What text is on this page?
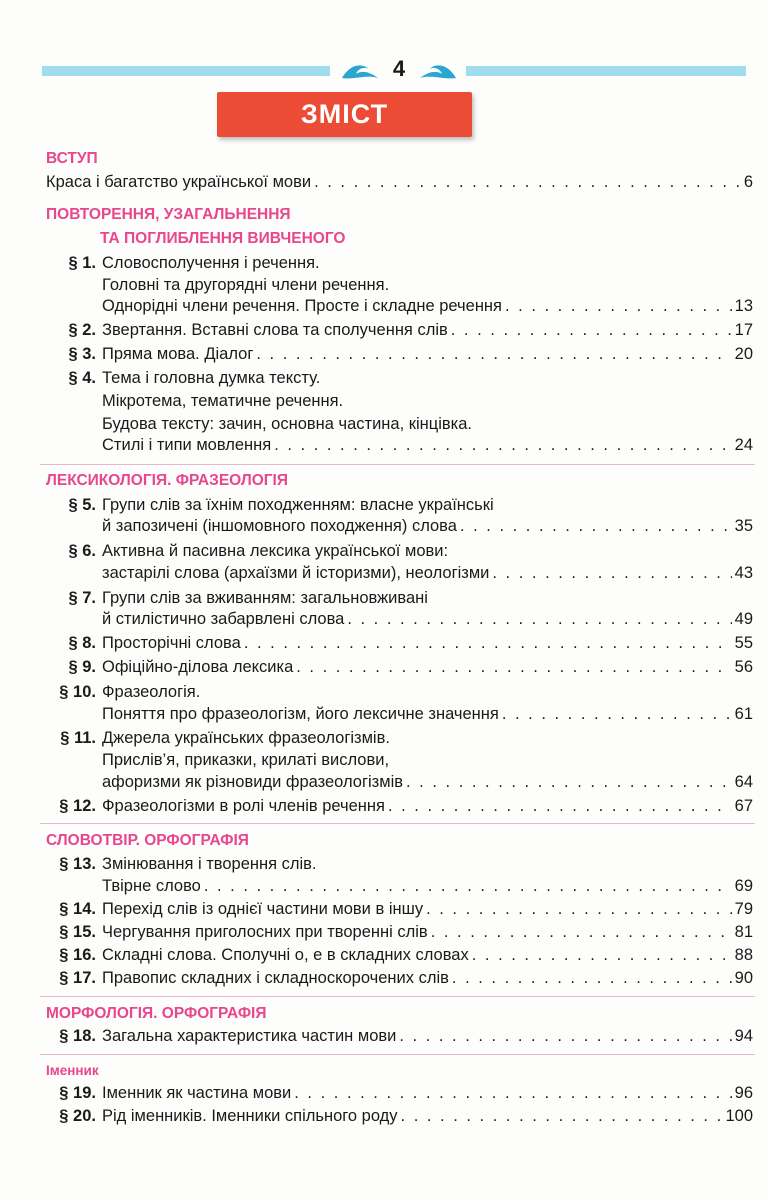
4
ЗМІСТ
ВСТУП
Краса і багатство української мови . . .	6
ПОВТОРЕННЯ, УЗАГАЛЬНЕННЯ
ТА ПОГЛИБЛЕННЯ ВИВЧЕНОГО
§ 1. Словосполучення і речення.
Головні та другорядні члени речення.
Однорідні члени речення. Просте і складне речення . . .	13
§ 2. Звертання. Вставні слова та сполучення слів . . .	17
§ 3. Пряма мова. Діалог . . .	20
§ 4. Тема і головна думка тексту.
Мікротема, тематичне речення.
Будова тексту: зачин, основна частина, кінцівка.
Стилі і типи мовлення . . .	24
ЛЕКСИКОЛОГІЯ. ФРАЗЕОЛОГІЯ
§ 5. Групи слів за їхнім походженням: власне українські
й запозичені (іншомовного походження) слова . . .	35
§ 6. Активна й пасивна лексика української мови:
застарілі слова (архаїзми й історизми), неологізми . . .	43
§ 7. Групи слів за вживанням: загальновживані
й стилістично забарвлені слова . . .	49
§ 8. Просторічні слова . . .	55
§ 9. Офіційно-ділова лексика . . .	56
§ 10. Фразеологія.
Поняття про фразеологізм, його лексичне значення . . .	61
§ 11. Джерела українських фразеологізмів.
Прислів’я, приказки, крилаті вислови,
афоризми як різновиди фразеологізмів . . .	64
§ 12. Фразеологізми в ролі членів речення . . .	67
СЛОВОТВІР. ОРФОГРАФІЯ
§ 13. Змінювання і творення слів.
Твірне слово . . .	69
§ 14. Перехід слів із однієї частини мови в іншу . . .	79
§ 15. Чергування приголосних при творенні слів . . .	81
§ 16. Складні слова. Сполучні о, е в складних словах . . .	88
§ 17. Правопис складних і складноскорочених слів . . .	90
МОРФОЛОГІЯ. ОРФОГРАФІЯ
§ 18. Загальна характеристика частин мови . . .	94
Іменник
§ 19. Іменник як частина мови . . .	96
§ 20. Рід іменників. Іменники спільного роду . . .	100
